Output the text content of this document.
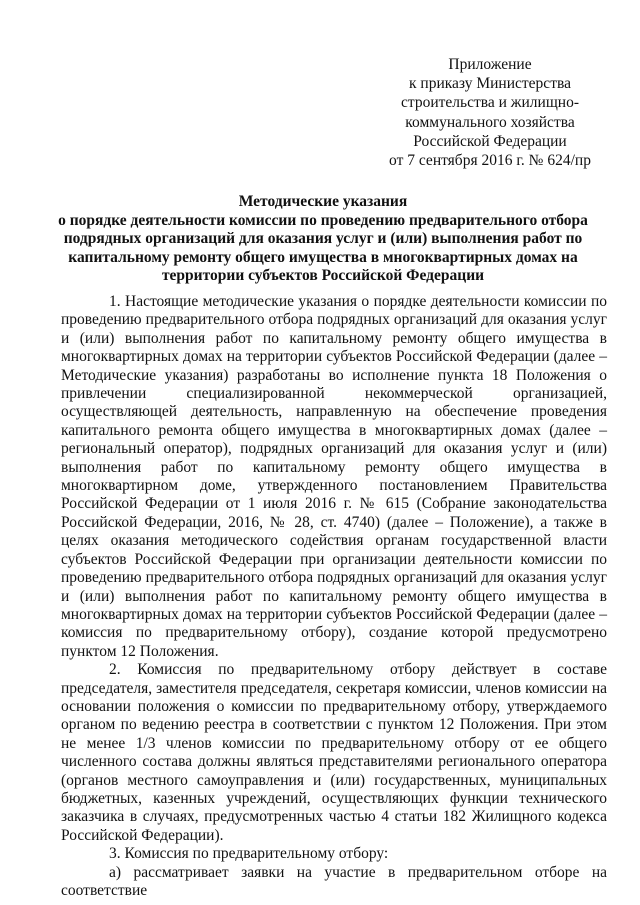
Приложение
к приказу Министерства
строительства и жилищно-
коммунального хозяйства
Российской Федерации
от 7 сентября 2016 г. № 624/пр
Методические указания
о порядке деятельности комиссии по проведению предварительного отбора
подрядных организаций для оказания услуг и (или) выполнения работ по
капитальному ремонту общего имущества в многоквартирных домах на
территории субъектов Российской Федерации

1. Настоящие методические указания о порядке деятельности комиссии по проведению предварительного отбора подрядных организаций для оказания услуг и (или) выполнения работ по капитальному ремонту общего имущества в многоквартирных домах на территории субъектов Российской Федерации (далее – Методические указания) разработаны во исполнение пункта 18 Положения о привлечении специализированной некоммерческой организацией, осуществляющей деятельность, направленную на обеспечение проведения капитального ремонта общего имущества в многоквартирных домах (далее – региональный оператор), подрядных организаций для оказания услуг и (или) выполнения работ по капитальному ремонту общего имущества в многоквартирном доме, утвержденного постановлением Правительства Российской Федерации от 1 июля 2016 г. № 615 (Собрание законодательства Российской Федерации, 2016, № 28, ст. 4740) (далее – Положение), а также в целях оказания методического содействия органам государственной власти субъектов Российской Федерации при организации деятельности комиссии по проведению предварительного отбора подрядных организаций для оказания услуг и (или) выполнения работ по капитальному ремонту общего имущества в многоквартирных домах на территории субъектов Российской Федерации (далее – комиссия по предварительному отбору), создание которой предусмотрено пунктом 12 Положения.

2. Комиссия по предварительному отбору действует в составе председателя, заместителя председателя, секретаря комиссии, членов комиссии на основании положения о комиссии по предварительному отбору, утверждаемого органом по ведению реестра в соответствии с пунктом 12 Положения. При этом не менее 1/3 членов комиссии по предварительному отбору от ее общего численного состава должны являться представителями регионального оператора (органов местного самоуправления и (или) государственных, муниципальных бюджетных, казенных учреждений, осуществляющих функции технического заказчика в случаях, предусмотренных частью 4 статьи 182 Жилищного кодекса Российской Федерации).

3. Комиссия по предварительному отбору:

а) рассматривает заявки на участие в предварительном отборе на соответствие
